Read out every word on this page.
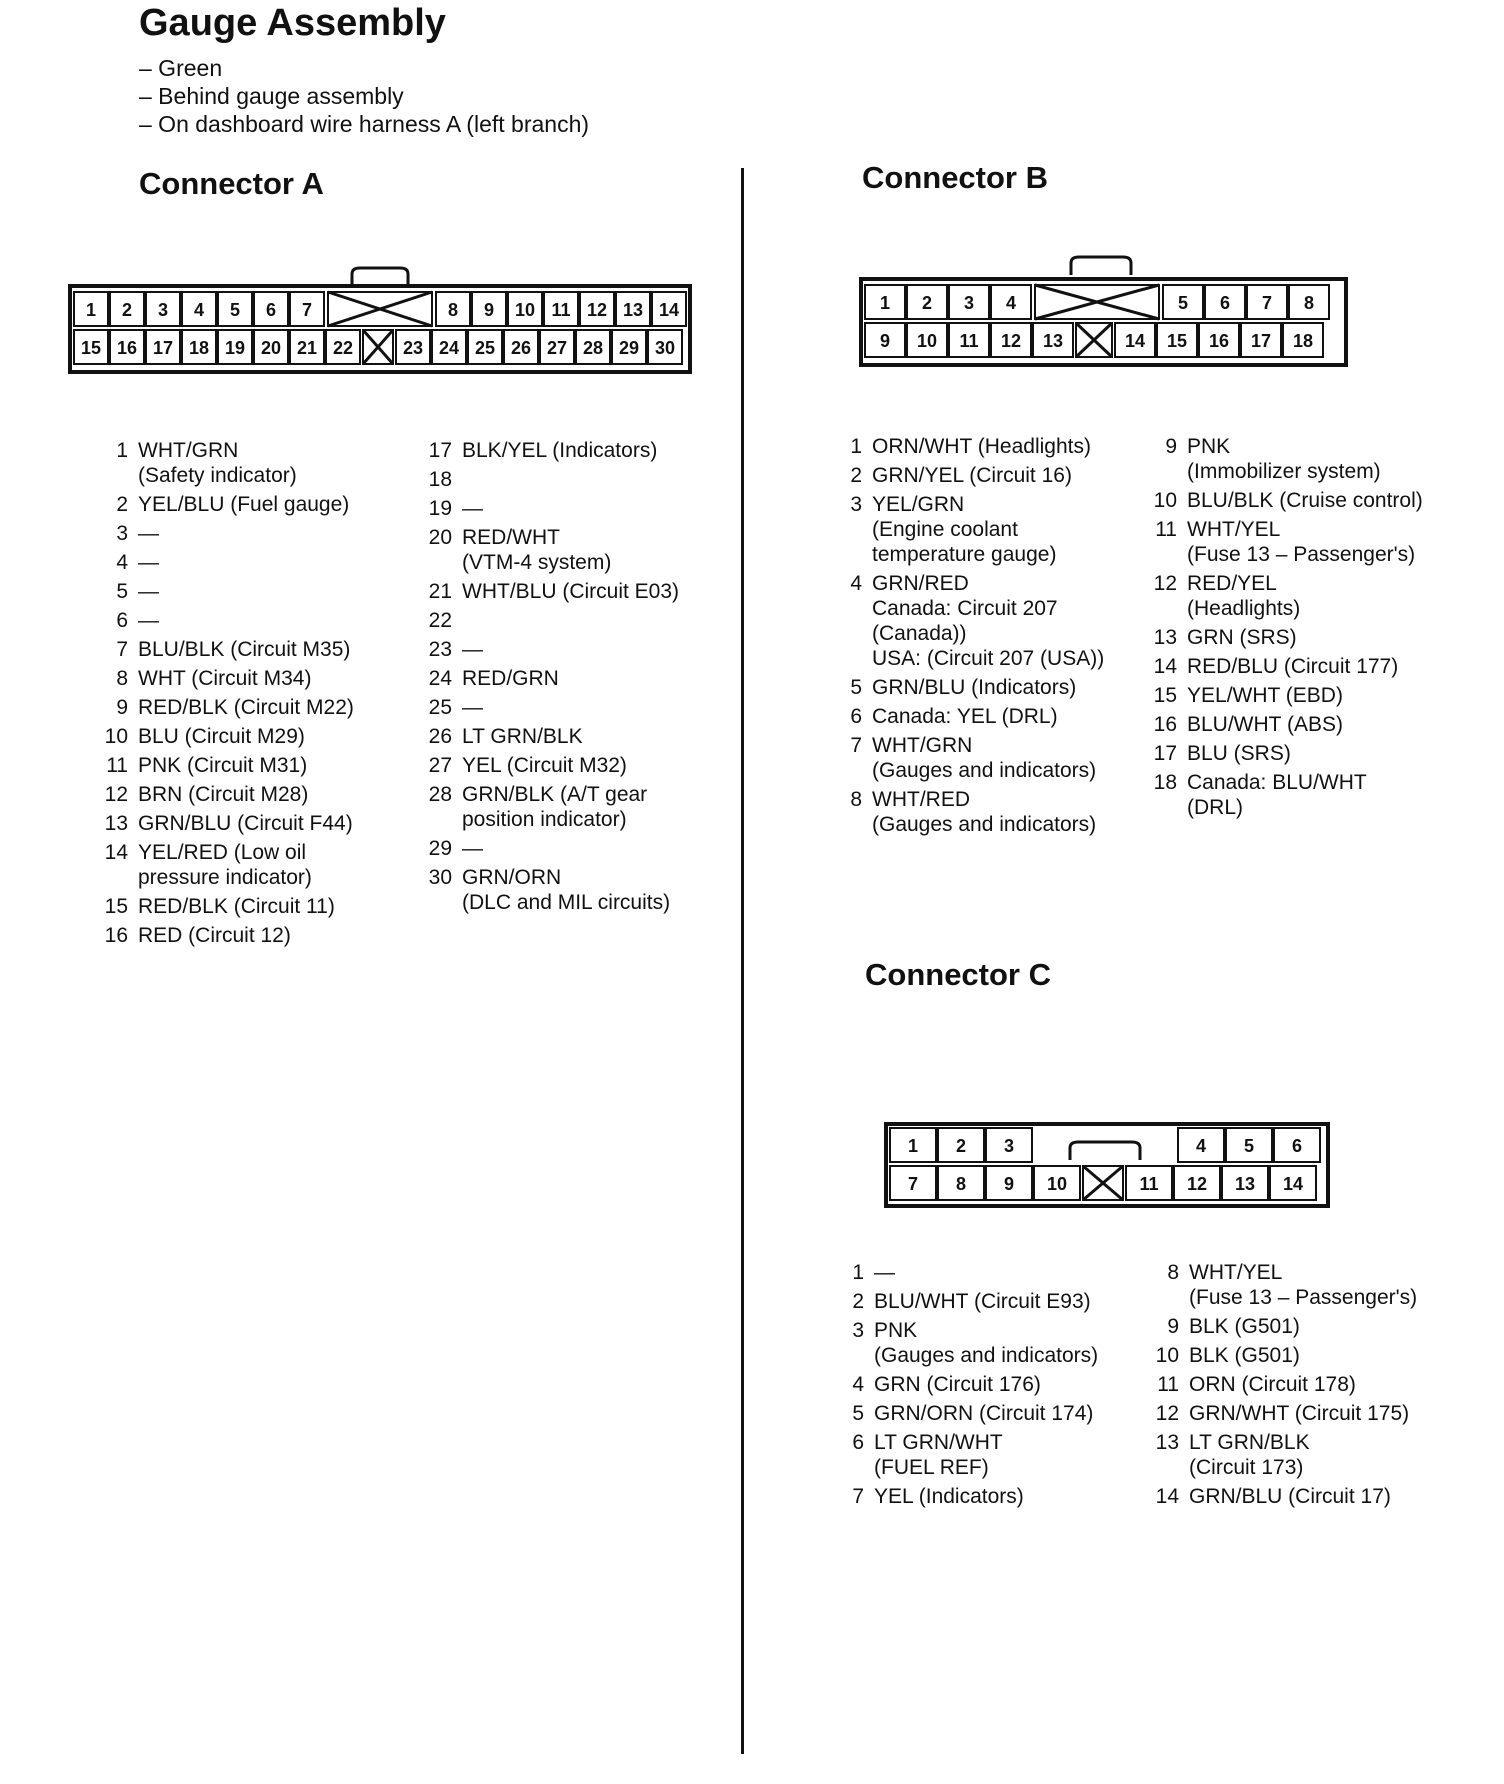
Gauge Assembly
– Green
– Behind gauge assembly
– On dashboard wire harness A (left branch)
Connector A
1 2 3 4 5 6 7	8 9 10 11 12 13 14
15 16 17 18 19 20 21 22	23 24 25 26 27 28 29 30
1 WHT/GRN
(Safety indicator)
2 YEL/BLU (Fuel gauge)
3 —
4 —
5 —
6 —
7 BLU/BLK (Circuit M35)
8 WHT (Circuit M34)
9 RED/BLK (Circuit M22)
10 BLU (Circuit M29)
11 PNK (Circuit M31)
12 BRN (Circuit M28)
13 GRN/BLU (Circuit F44)
14 YEL/RED (Low oil
pressure indicator)
15 RED/BLK (Circuit 11)
16 RED (Circuit 12)
17 BLK/YEL (Indicators)
18
19 —
20 RED/WHT
(VTM-4 system)
21 WHT/BLU (Circuit E03)
22
23 —
24 RED/GRN
25 —
26 LT GRN/BLK
27 YEL (Circuit M32)
28 GRN/BLK (A/T gear
position indicator)
29 —
30 GRN/ORN
(DLC and MIL circuits)
Connector B
1 2 3 4	5 6 7 8
9 10 11 12 13	14 15 16 17 18
1 ORN/WHT (Headlights)
2 GRN/YEL (Circuit 16)
3 YEL/GRN
(Engine coolant
temperature gauge)
4 GRN/RED
Canada: Circuit 207
(Canada))
USA: (Circuit 207 (USA))
5 GRN/BLU (Indicators)
6 Canada: YEL (DRL)
7 WHT/GRN
(Gauges and indicators)
8 WHT/RED
(Gauges and indicators)
9 PNK
(Immobilizer system)
10 BLU/BLK (Cruise control)
11 WHT/YEL
(Fuse 13 – Passenger's)
12 RED/YEL
(Headlights)
13 GRN (SRS)
14 RED/BLU (Circuit 177)
15 YEL/WHT (EBD)
16 BLU/WHT (ABS)
17 BLU (SRS)
18 Canada: BLU/WHT
(DRL)
Connector C
1 2 3	4 5 6
7 8 9 10	11 12 13 14
1 —
2 BLU/WHT (Circuit E93)
3 PNK
(Gauges and indicators)
4 GRN (Circuit 176)
5 GRN/ORN (Circuit 174)
6 LT GRN/WHT
(FUEL REF)
7 YEL (Indicators)
8 WHT/YEL
(Fuse 13 – Passenger's)
9 BLK (G501)
10 BLK (G501)
11 ORN (Circuit 178)
12 GRN/WHT (Circuit 175)
13 LT GRN/BLK
(Circuit 173)
14 GRN/BLU (Circuit 17)
